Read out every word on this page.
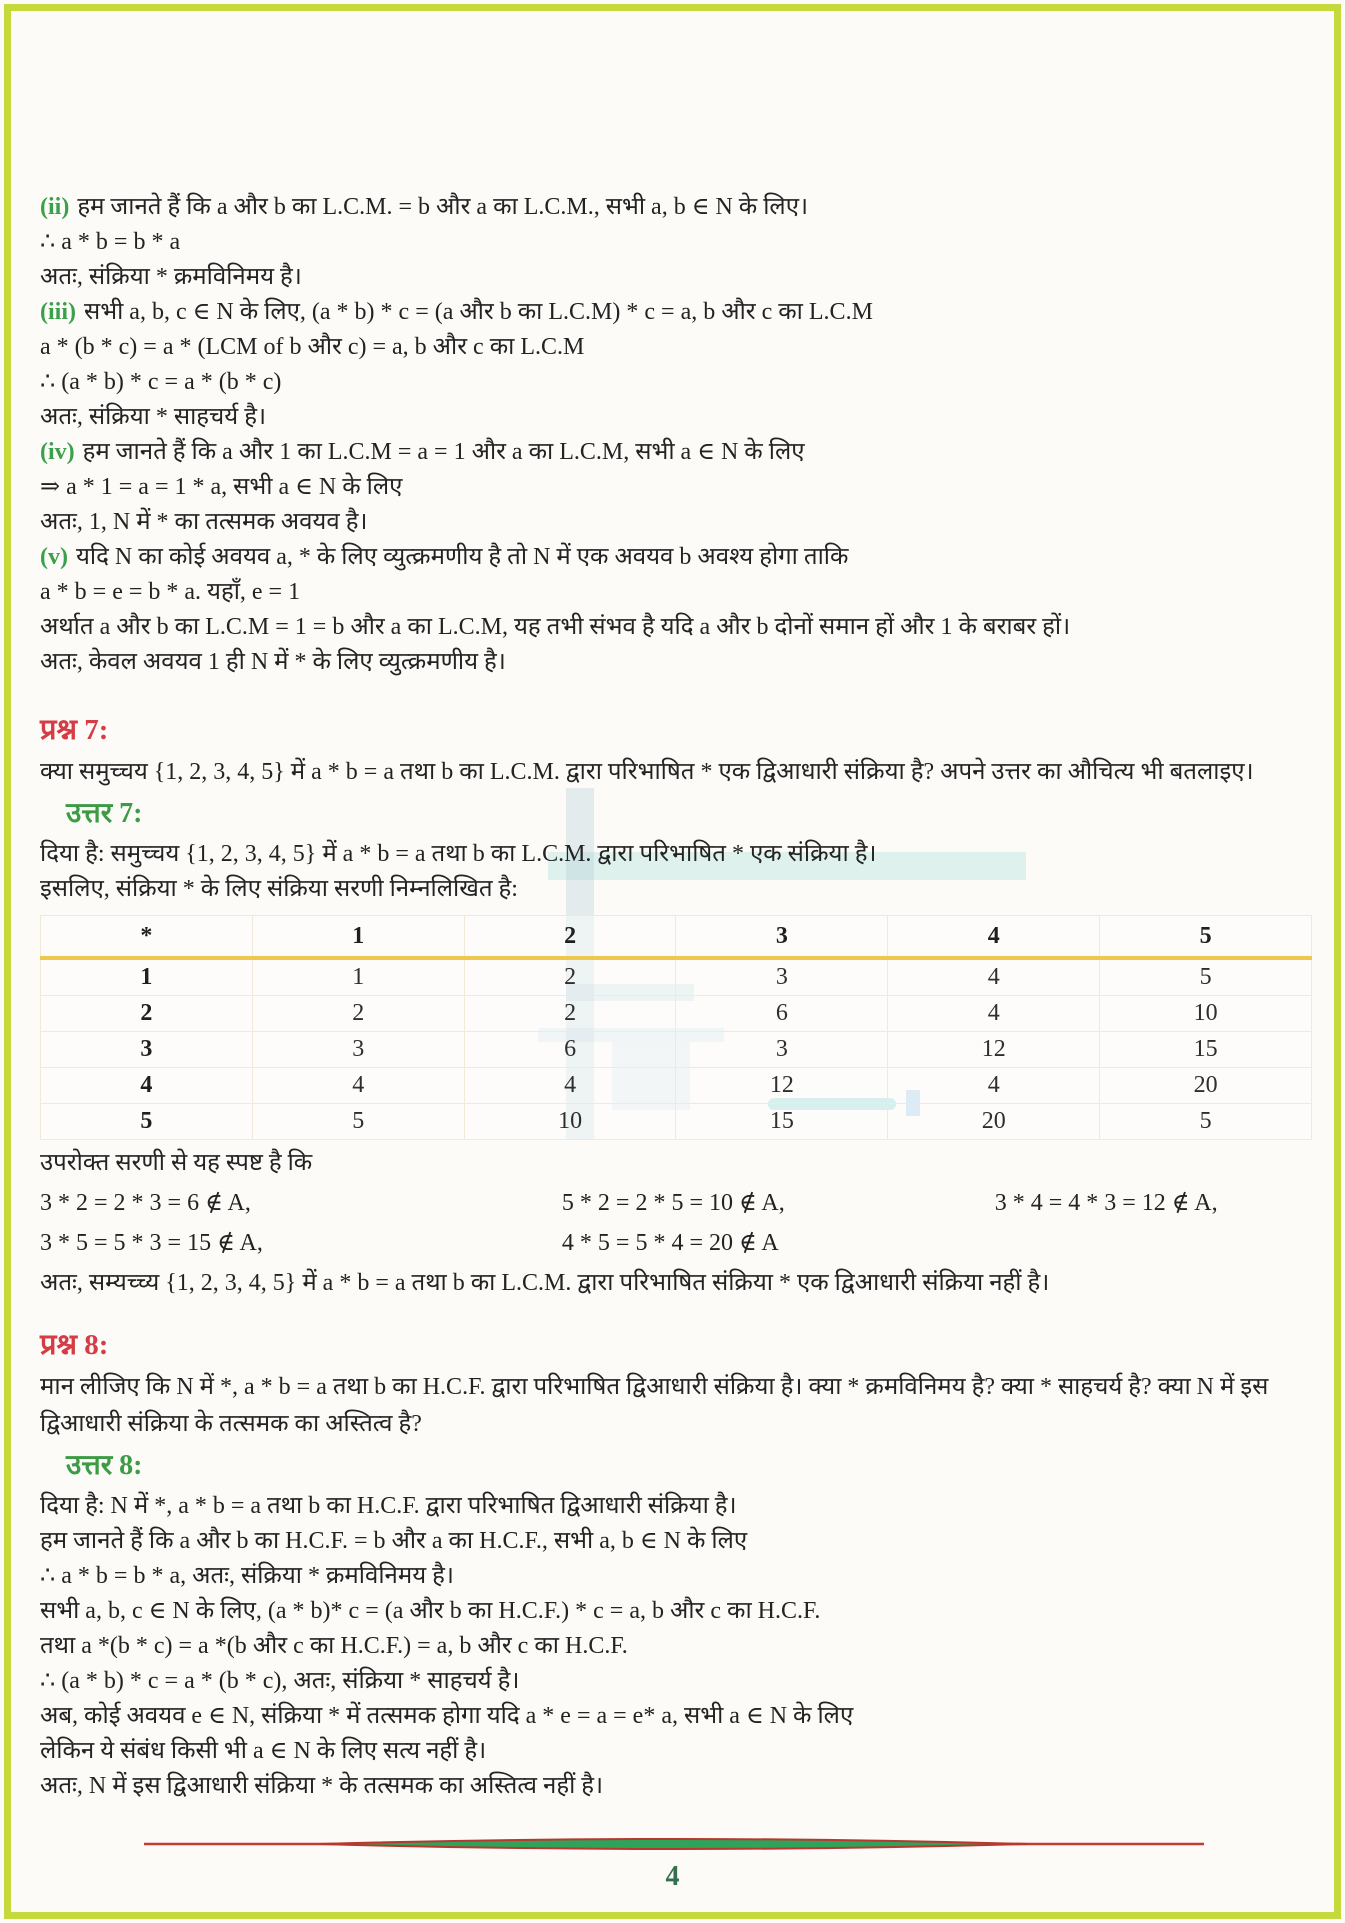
(ii) हम जानते हैं कि a और b का L.C.M. = b और a का L.C.M., सभी a, b ∈ N के लिए।
∴ a * b = b * a
अतः, संक्रिया * क्रमविनिमय है।
(iii) सभी a, b, c ∈ N के लिए, (a * b) * c = (a और b का L.C.M) * c = a, b और c का L.C.M
a * (b * c) = a * (LCM of b और c) = a, b और c का L.C.M
∴ (a * b) * c = a * (b * c)
अतः, संक्रिया * साहचर्य है।
(iv) हम जानते हैं कि a और 1 का L.C.M = a = 1 और a का L.C.M, सभी a ∈ N के लिए
⇒ a * 1 = a = 1 * a, सभी a ∈ N के लिए
अतः, 1, N में * का तत्समक अवयव है।
(v) यदि N का कोई अवयव a, * के लिए व्युत्क्रमणीय है तो N में एक अवयव b अवश्य होगा ताकि
a * b = e = b * a. यहाँ, e = 1
अर्थात a और b का L.C.M = 1 = b और a का L.C.M, यह तभी संभव है यदि a और b दोनों समान हों और 1 के बराबर हों।
अतः, केवल अवयव 1 ही N में * के लिए व्युत्क्रमणीय है।
प्रश्न 7:
क्या समुच्चय {1, 2, 3, 4, 5} में a * b = a तथा b का L.C.M. द्वारा परिभाषित * एक द्विआधारी संक्रिया है? अपने उत्तर का औचित्य भी बतलाइए।
उत्तर 7:
दिया है: समुच्चय {1, 2, 3, 4, 5} में a * b = a तथा b का L.C.M. द्वारा परिभाषित * एक संक्रिया है।
इसलिए, संक्रिया * के लिए संक्रिया सरणी निम्नलिखित है:
*	1	2	3	4	5
1	1	2	3	4	5
2	2	2	6	4	10
3	3	6	3	12	15
4	4	4	12	4	20
5	5	10	15	20	5
उपरोक्त सरणी से यह स्पष्ट है कि
3 * 2 = 2 * 3 = 6 ∉ A,	5 * 2 = 2 * 5 = 10 ∉ A,	3 * 4 = 4 * 3 = 12 ∉ A,
3 * 5 = 5 * 3 = 15 ∉ A,	4 * 5 = 5 * 4 = 20 ∉ A
अतः, सम्यच्च्य {1, 2, 3, 4, 5} में a * b = a तथा b का L.C.M. द्वारा परिभाषित संक्रिया * एक द्विआधारी संक्रिया नहीं है।
प्रश्न 8:
मान लीजिए कि N में *, a * b = a तथा b का H.C.F. द्वारा परिभाषित द्विआधारी संक्रिया है। क्या * क्रमविनिमय है? क्या * साहचर्य है? क्या N में इस द्विआधारी संक्रिया के तत्समक का अस्तित्व है?
उत्तर 8:
दिया है: N में *, a * b = a तथा b का H.C.F. द्वारा परिभाषित द्विआधारी संक्रिया है।
हम जानते हैं कि a और b का H.C.F. = b और a का H.C.F., सभी a, b ∈ N के लिए
∴ a * b = b * a, अतः, संक्रिया * क्रमविनिमय है।
सभी a, b, c ∈ N के लिए, (a * b)* c = (a और b का H.C.F.) * c = a, b और c का H.C.F.
तथा a *(b * c) = a *(b और c का H.C.F.) = a, b और c का H.C.F.
∴ (a * b) * c = a * (b * c), अतः, संक्रिया * साहचर्य है।
अब, कोई अवयव e ∈ N, संक्रिया * में तत्समक होगा यदि a * e = a = e* a, सभी a ∈ N के लिए
लेकिन ये संबंध किसी भी a ∈ N के लिए सत्य नहीं है।
अतः, N में इस द्विआधारी संक्रिया * के तत्समक का अस्तित्व नहीं है।
4
